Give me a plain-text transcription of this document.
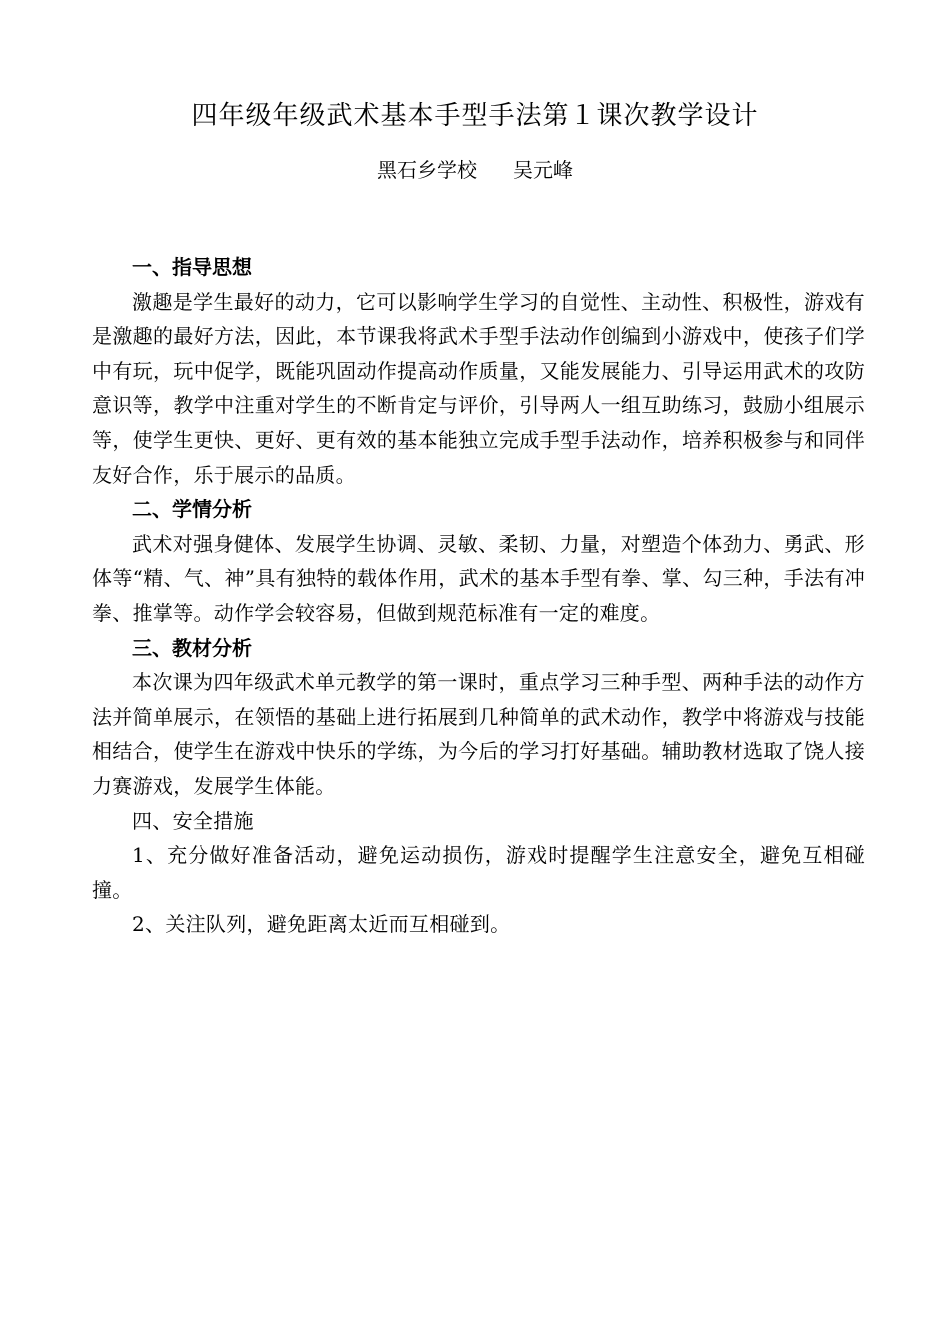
四年级年级武术基本手型手法第１课次教学设计
黑石乡学校 吴元峰
一、指导思想

激趣是学生最好的动力，它可以影响学生学习的自觉性、主动性、积极性，游戏有是激趣的最好方法，因此，本节课我将武术手型手法动作创编到小游戏中，使孩子们学中有玩，玩中促学，既能巩固动作提高动作质量，又能发展能力、引导运用武术的攻防意识等，教学中注重对学生的不断肯定与评价，引导两人一组互助练习，鼓励小组展示等，使学生更快、更好、更有效的基本能独立完成手型手法动作，培养积极参与和同伴友好合作，乐于展示的品质。

二、学情分析

武术对强身健体、发展学生协调、灵敏、柔韧、力量，对塑造个体劲力、勇武、形体等“精、气、神”具有独特的载体作用，武术的基本手型有拳、掌、勾三种，手法有冲拳、推掌等。动作学会较容易，但做到规范标准有一定的难度。

三、教材分析

本次课为四年级武术单元教学的第一课时，重点学习三种手型、两种手法的动作方法并简单展示，在领悟的基础上进行拓展到几种简单的武术动作，教学中将游戏与技能相结合，使学生在游戏中快乐的学练，为今后的学习打好基础。辅助教材选取了饶人接力赛游戏，发展学生体能。

四、安全措施

1、充分做好准备活动，避免运动损伤，游戏时提醒学生注意安全，避免互相碰撞。

2、关注队列，避免距离太近而互相碰到。
